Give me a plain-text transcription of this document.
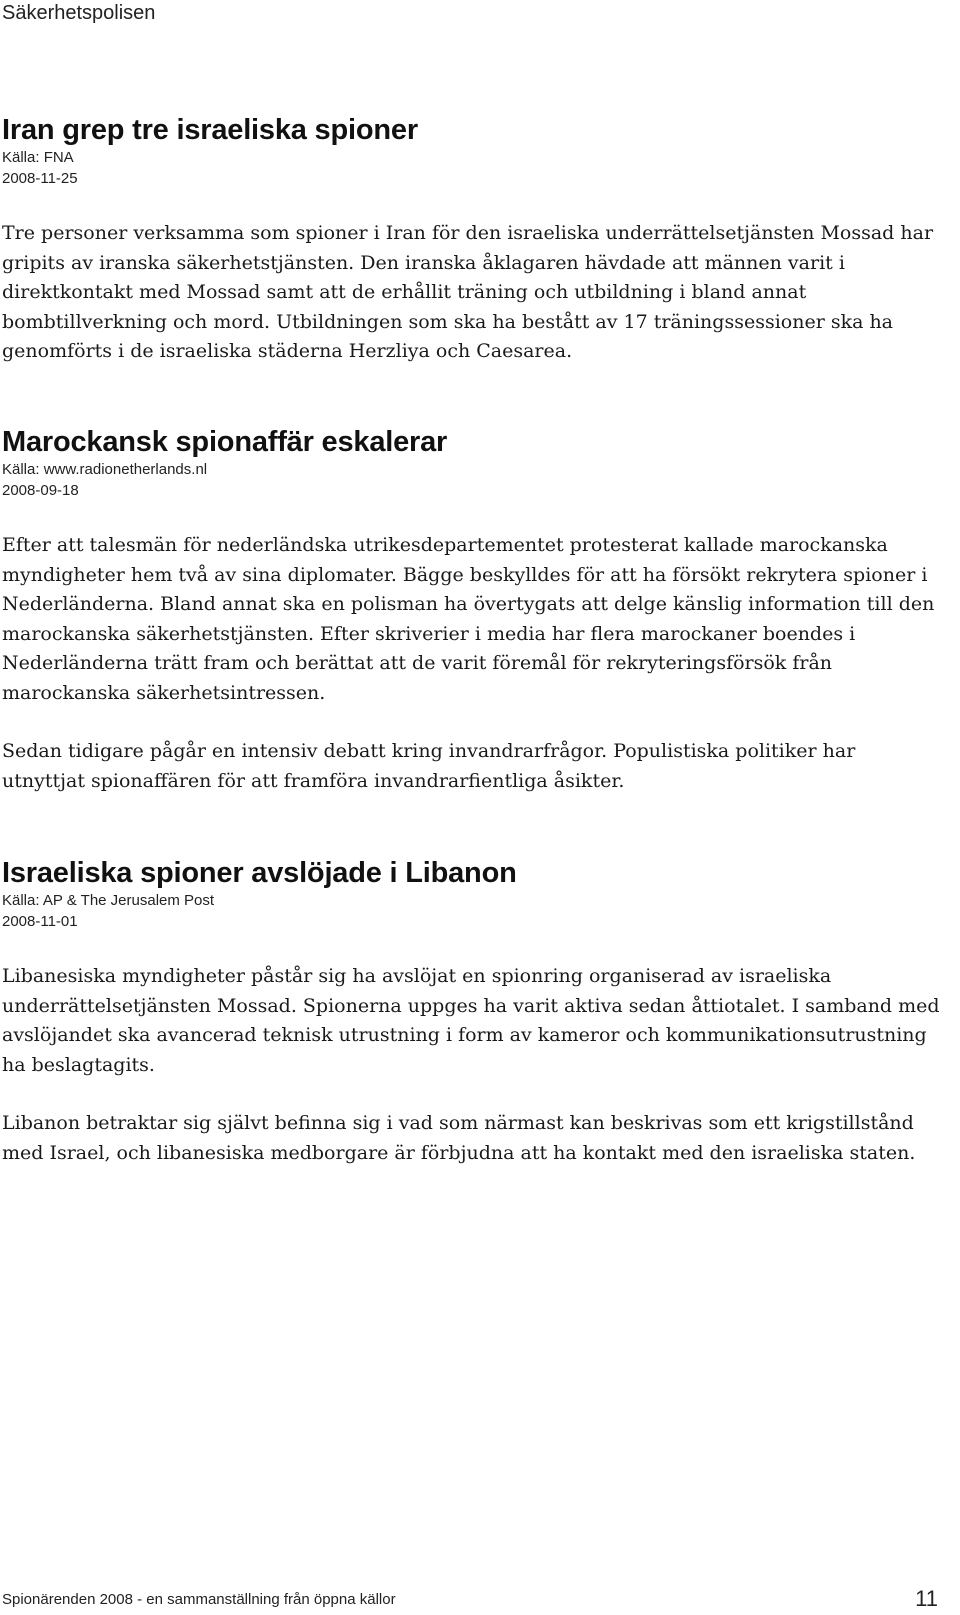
Säkerhetspolisen
Iran grep tre israeliska spioner
Källa: FNA
2008-11-25

Tre personer verksamma som spioner i Iran för den israeliska underrättelsetjänsten Mossad har gripits av iranska säkerhetstjänsten. Den iranska åklagaren hävdade att männen varit i direktkontakt med Mossad samt att de erhållit träning och utbildning i bland annat bombtillverkning och mord. Utbildningen som ska ha bestått av 17 träningssessioner ska ha genomförts i de israeliska städerna Herzliya och Caesarea.

Marockansk spionaffär eskalerar
Källa: www.radionetherlands.nl
2008-09-18

Efter att talesmän för nederländska utrikesdepartementet protesterat kallade marockanska myndigheter hem två av sina diplomater. Bägge beskylldes för att ha försökt rekrytera spioner i Nederländerna. Bland annat ska en polisman ha övertygats att delge känslig information till den marockanska säkerhetstjänsten. Efter skriverier i media har flera marockaner boendes i Nederländerna trätt fram och berättat att de varit föremål för rekryteringsförsök från marockanska säkerhetsintressen.

Sedan tidigare pågår en intensiv debatt kring invandrarfrågor. Populistiska politiker har utnyttjat spionaffären för att framföra invandrarfientliga åsikter.

Israeliska spioner avslöjade i Libanon
Källa: AP & The Jerusalem Post
2008-11-01

Libanesiska myndigheter påstår sig ha avslöjat en spionring organiserad av israeliska underrättelsetjänsten Mossad. Spionerna uppges ha varit aktiva sedan åttiotalet. I samband med avslöjandet ska avancerad teknisk utrustning i form av kameror och kommunikationsutrustning ha beslagtagits.

Libanon betraktar sig självt befinna sig i vad som närmast kan beskrivas som ett krigstillstånd med Israel, och libanesiska medborgare är förbjudna att ha kontakt med den israeliska staten.

Spionärenden 2008 - en sammanställning från öppna källor	11
